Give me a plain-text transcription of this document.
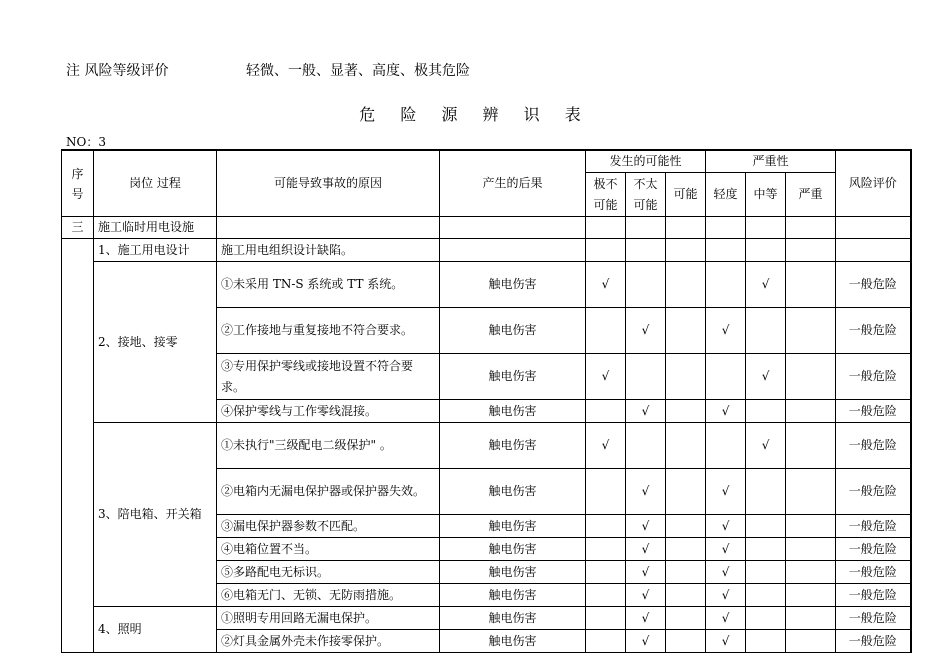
注 风险等级评价	轻微、一般、显著、高度、极其危险
危 险 源 辨 识 表
NO：3
序号	岗位 过程	可能导致事故的原因	产生的后果	发生的可能性			严重性			风险评价
				极不可能	不太可能	可能	轻度	中等	严重	
三	施工临时用电设施									
	1、施工用电设计	施工用电组织设计缺陷。								
	2、接地、接零	①未采用 TN-S 系统或 TT 系统。	触电伤害	√				√		一般危险
		②工作接地与重复接地不符合要求。	触电伤害		√		√			一般危险
		③专用保护零线或接地设置不符合要求。	触电伤害	√				√		一般危险
		④保护零线与工作零线混接。	触电伤害		√		√			一般危险
	3、陪电箱、开关箱	①未执行"三级配电二级保护" 。	触电伤害	√				√		一般危险
		②电箱内无漏电保护器或保护器失效。	触电伤害		√		√			一般危险
		③漏电保护器参数不匹配。	触电伤害		√		√			一般危险
		④电箱位置不当。	触电伤害		√		√			一般危险
		⑤多路配电无标识。	触电伤害		√		√			一般危险
		⑥电箱无门、无锁、无防雨措施。	触电伤害		√		√			一般危险
	4、照明	①照明专用回路无漏电保护。	触电伤害		√		√			一般危险
		②灯具金属外壳未作接零保护。	触电伤害		√		√			一般危险
